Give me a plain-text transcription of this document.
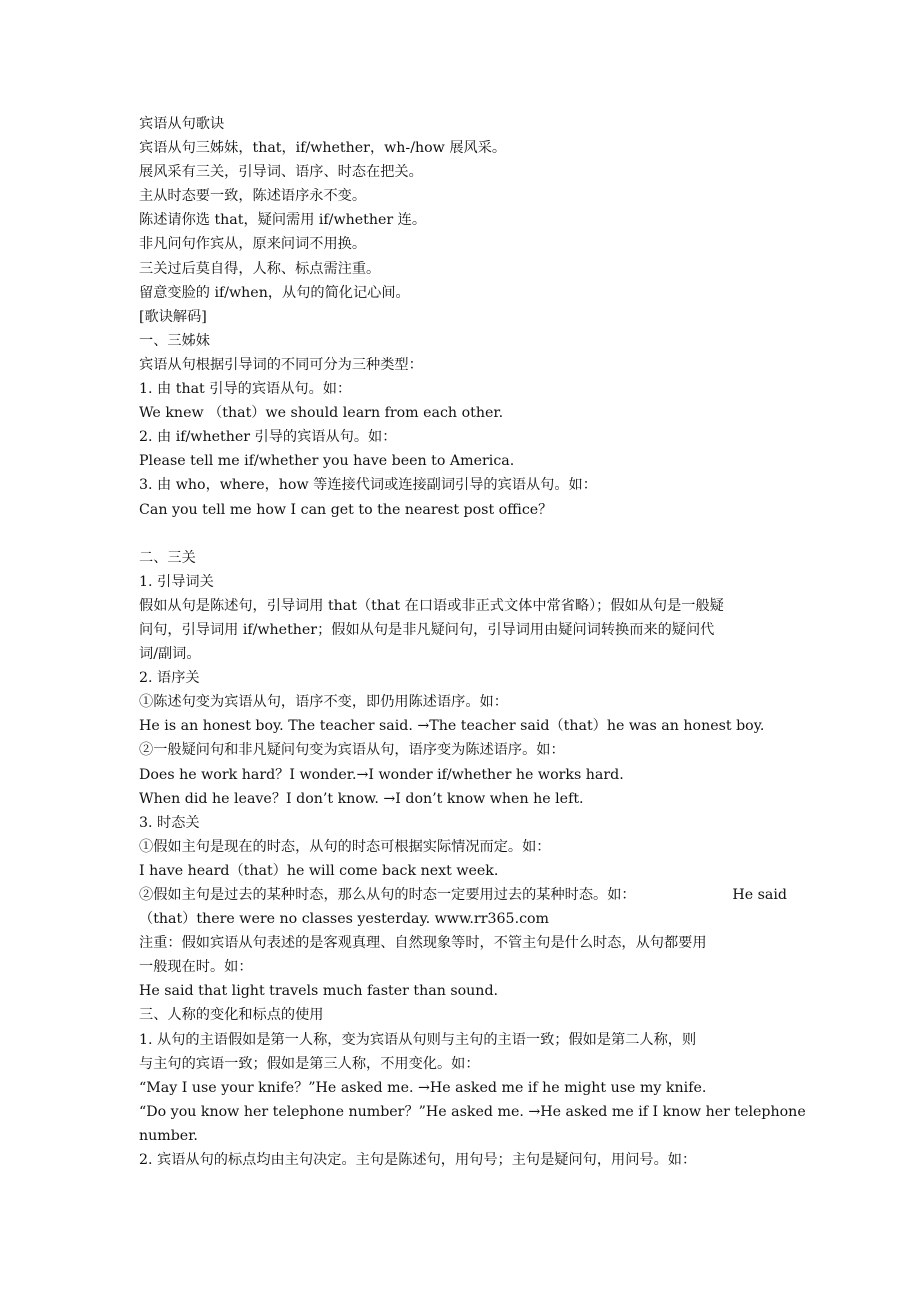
宾语从句歌诀
宾语从句三姊妹，that，if/whether，wh-/how 展风采。
展风采有三关，引导词、语序、时态在把关。
主从时态要一致，陈述语序永不变。
陈述请你选 that，疑问需用 if/whether 连。
非凡问句作宾从，原来问词不用换。
三关过后莫自得，人称、标点需注重。
留意变脸的 if/when，从句的简化记心间。
[歌诀解码]
一、三姊妹
宾语从句根据引导词的不同可分为三种类型：
1. 由 that 引导的宾语从句。如：
We knew （that）we should learn from each other.
2. 由 if/whether 引导的宾语从句。如：
Please tell me if/whether you have been to America.
3. 由 who，where，how 等连接代词或连接副词引导的宾语从句。如：
Can you tell me how I can get to the nearest post office？
二、三关
1. 引导词关
假如从句是陈述句，引导词用 that（that 在口语或非正式文体中常省略）；假如从句是一般疑
问句，引导词用 if/whether；假如从句是非凡疑问句，引导词用由疑问词转换而来的疑问代
词/副词。
2. 语序关
①陈述句变为宾语从句，语序不变，即仍用陈述语序。如：
He is an honest boy. The teacher said. →The teacher said（that）he was an honest boy.
②一般疑问句和非凡疑问句变为宾语从句，语序变为陈述语序。如：
Does he work hard？I wonder.→I wonder if/whether he works hard.
When did he leave？I don’t know. →I don’t know when he left.
3. 时态关
①假如主句是现在的时态，从句的时态可根据实际情况而定。如：
I have heard（that）he will come back next week.
②假如主句是过去的某种时态，那么从句的时态一定要用过去的某种时态。如：	He said
（that）there were no classes yesterday. www.rr365.com
注重：假如宾语从句表述的是客观真理、自然现象等时，不管主句是什么时态，从句都要用
一般现在时。如：
He said that light travels much faster than sound.
三、人称的变化和标点的使用
1. 从句的主语假如是第一人称，变为宾语从句则与主句的主语一致；假如是第二人称，则
与主句的宾语一致；假如是第三人称，不用变化。如：
“May I use your knife？”He asked me. →He asked me if he might use my knife.
“Do you know her telephone number？”He asked me. →He asked me if I know her telephone
number.
2. 宾语从句的标点均由主句决定。主句是陈述句，用句号；主句是疑问句，用问号。如：
